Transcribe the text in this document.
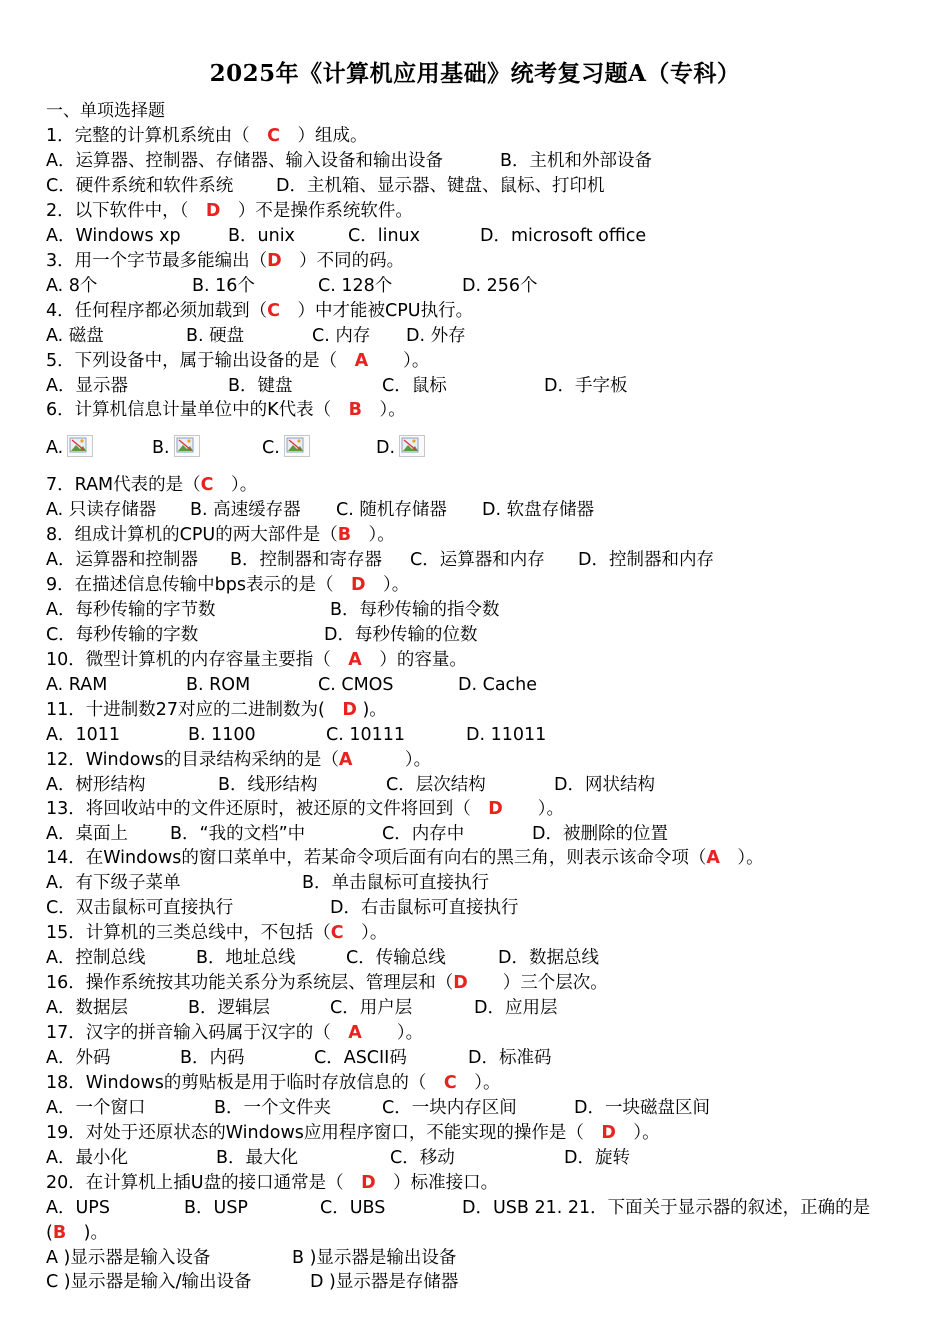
2025年《计算机应用基础》统考复习题A（专科）
一、单项选择题
1．完整的计算机系统由（　C　）组成。
A．运算器、控制器、存储器、输入设备和输出设备	B．主机和外部设备
C．硬件系统和软件系统 D．主机箱、显示器、键盘、鼠标、打印机
2．以下软件中，（　D　）不是操作系统软件。
A．Windows xp	B．unix	C．linux	D．microsoft office
3．用一个字节最多能编出（D　）不同的码。
A. 8个	B. 16个	C. 128个	D. 256个
4．任何程序都必须加载到（C　）中才能被CPU执行。
A. 磁盘	B. 硬盘	C. 内存 D. 外存
5．下列设备中，属于输出设备的是（　A　　）。
A．显示器	B．键盘	C．鼠标	D．手字板
6．计算机信息计量单位中的K代表（　B　）。
A.	B.	C.	D.
7．RAM代表的是（C　）。
A. 只读存储器 B. 高速缓存器 C. 随机存储器 D. 软盘存储器
8．组成计算机的CPU的两大部件是（B　）。
A．运算器和控制器 B．控制器和寄存器 C．运算器和内存 D．控制器和内存
9．在描述信息传输中bps表示的是（　D　）。
A．每秒传输的字节数	B．每秒传输的指令数
C．每秒传输的字数	D．每秒传输的位数
10．微型计算机的内存容量主要指（　A　）的容量。
A. RAM	B. ROM	C. CMOS	D. Cache
11．十进制数27对应的二进制数为(　D )。
A．1011	B. 1100	C. 10111	D. 11011
12．Windows的目录结构采纳的是（A　　　）。
A．树形结构	B．线形结构	C．层次结构	D．网状结构
13．将回收站中的文件还原时，被还原的文件将回到（　D　　）。
A．桌面上 B．“我的文档”中	C．内存中	D．被删除的位置
14．在Windows的窗口菜单中，若某命令项后面有向右的黑三角，则表示该命令项（A　）。
A．有下级子菜单	B．单击鼠标可直接执行
C．双击鼠标可直接执行	D．右击鼠标可直接执行
15．计算机的三类总线中，不包括（C　）。
A．控制总线	B．地址总线	C．传输总线	D．数据总线
16．操作系统按其功能关系分为系统层、管理层和（D　　）三个层次。
A．数据层	B．逻辑层	C．用户层	D．应用层
17．汉字的拼音输入码属于汉字的（　A　　）。
A．外码	B．内码	C．ASCII码	D．标准码
18．Windows的剪贴板是用于临时存放信息的（　C　）。
A．一个窗口	B．一个文件夹	C．一块内存区间	D．一块磁盘区间
19．对处于还原状态的Windows应用程序窗口，不能实现的操作是（　D　）。
A．最小化	B．最大化	C．移动	D．旋转
20．在计算机上插U盘的接口通常是（　D　）标准接口。
A．UPS	B．USP	C．UBS	D．USB 21. 21．下面关于显示器的叙述，正确的是
(B　)。
A )显示器是输入设备	B )显示器是输出设备
C )显示器是输入/输出设备	D )显示器是存储器
